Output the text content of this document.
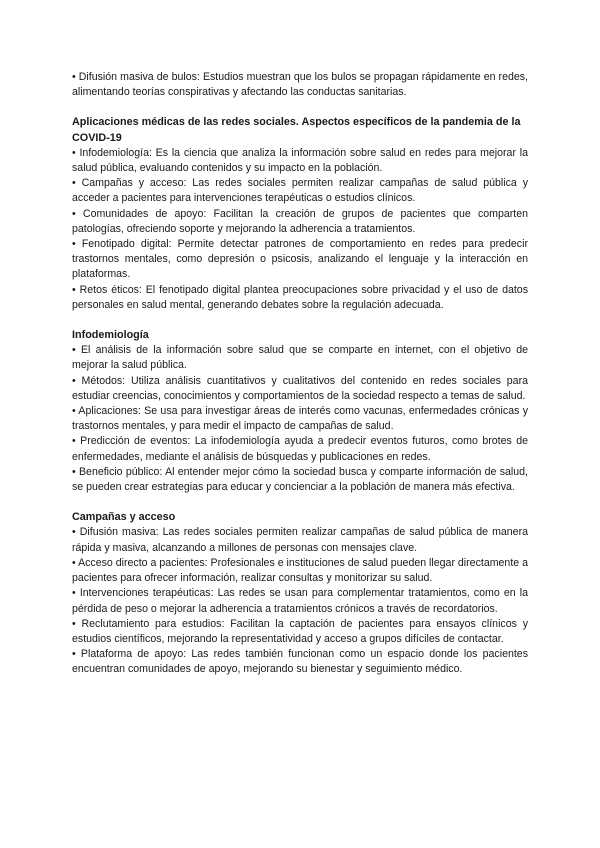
• Difusión masiva de bulos: Estudios muestran que los bulos se propagan rápidamente en redes, alimentando teorías conspirativas y afectando las conductas sanitarias.

Aplicaciones médicas de las redes sociales. Aspectos específicos de la pandemia de la COVID-19

• Infodemiología: Es la ciencia que analiza la información sobre salud en redes para mejorar la salud pública, evaluando contenidos y su impacto en la población.

• Campañas y acceso: Las redes sociales permiten realizar campañas de salud pública y acceder a pacientes para intervenciones terapéuticas o estudios clínicos.

• Comunidades de apoyo: Facilitan la creación de grupos de pacientes que comparten patologías, ofreciendo soporte y mejorando la adherencia a tratamientos.

• Fenotipado digital: Permite detectar patrones de comportamiento en redes para predecir trastornos mentales, como depresión o psicosis, analizando el lenguaje y la interacción en plataformas.

• Retos éticos: El fenotipado digital plantea preocupaciones sobre privacidad y el uso de datos personales en salud mental, generando debates sobre la regulación adecuada.

Infodemiología

• El análisis de la información sobre salud que se comparte en internet, con el objetivo de mejorar la salud pública.

• Métodos: Utiliza análisis cuantitativos y cualitativos del contenido en redes sociales para estudiar creencias, conocimientos y comportamientos de la sociedad respecto a temas de salud.

• Aplicaciones: Se usa para investigar áreas de interés como vacunas, enfermedades crónicas y trastornos mentales, y para medir el impacto de campañas de salud.

• Predicción de eventos: La infodemiología ayuda a predecir eventos futuros, como brotes de enfermedades, mediante el análisis de búsquedas y publicaciones en redes.

• Beneficio público: Al entender mejor cómo la sociedad busca y comparte información de salud, se pueden crear estrategias para educar y concienciar a la población de manera más efectiva.

Campañas y acceso

• Difusión masiva: Las redes sociales permiten realizar campañas de salud pública de manera rápida y masiva, alcanzando a millones de personas con mensajes clave.

• Acceso directo a pacientes: Profesionales e instituciones de salud pueden llegar directamente a pacientes para ofrecer información, realizar consultas y monitorizar su salud.

• Intervenciones terapéuticas: Las redes se usan para complementar tratamientos, como en la pérdida de peso o mejorar la adherencia a tratamientos crónicos a través de recordatorios.

• Reclutamiento para estudios: Facilitan la captación de pacientes para ensayos clínicos y estudios científicos, mejorando la representatividad y acceso a grupos difíciles de contactar.

• Plataforma de apoyo: Las redes también funcionan como un espacio donde los pacientes encuentran comunidades de apoyo, mejorando su bienestar y seguimiento médico.
